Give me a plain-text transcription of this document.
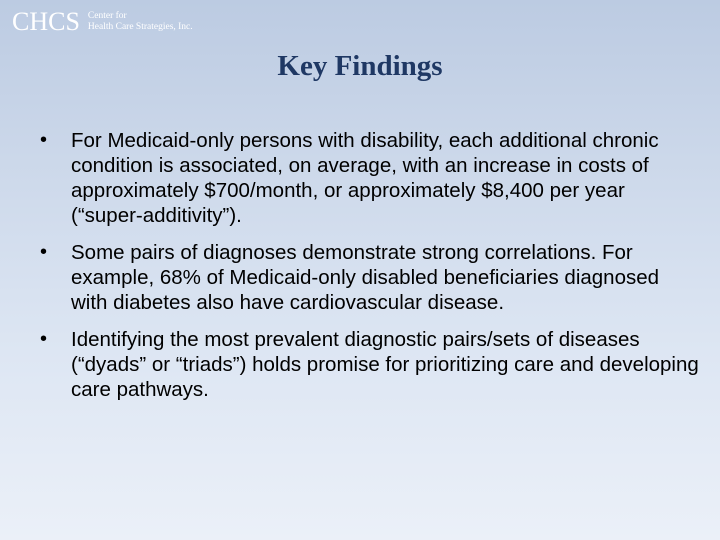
CHCS Center for
Health Care Strategies, Inc.
Key Findings
• For Medicaid-only persons with disability, each additional chronic condition is associated, on average, with an increase in costs of approximately $700/month, or approximately $8,400 per year (“super-additivity”).
• Some pairs of diagnoses demonstrate strong correlations. For example, 68% of Medicaid-only disabled beneficiaries diagnosed with diabetes also have cardiovascular disease.
• Identifying the most prevalent diagnostic pairs/sets of diseases (“dyads” or “triads”) holds promise for prioritizing care and developing care pathways.
